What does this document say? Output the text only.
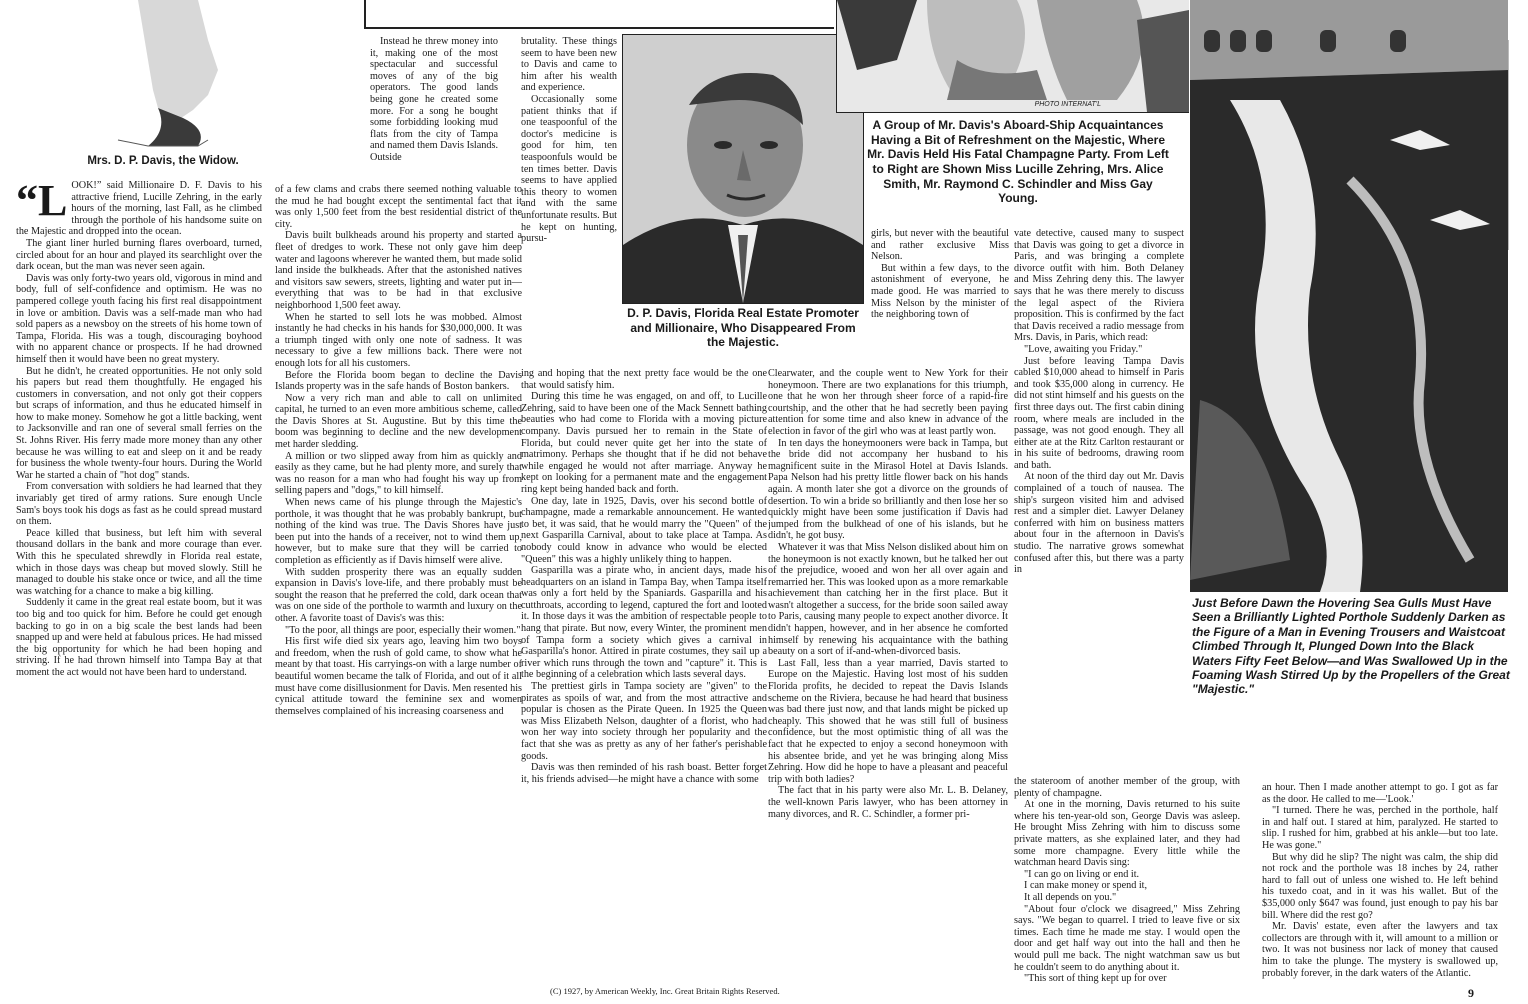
Mrs. D. P. Davis, the Widow.
“L OOK!” said Millionaire D. F. Davis to his attractive friend, Lucille Zehring, in the early hours of the morning, last Fall, as he climbed through the porthole of his handsome suite on the Majestic and dropped into the ocean.

The giant liner hurled burning flares overboard, turned, circled about for an hour and played its searchlight over the dark ocean, but the man was never seen again.

Davis was only forty-two years old, vigorous in mind and body, full of self-confidence and optimism. He was no pampered college youth facing his first real disappointment in love or ambition. Davis was a self-made man who had sold papers as a newsboy on the streets of his home town of Tampa, Florida. His was a tough, discouraging boyhood with no apparent chance or prospects. If he had drowned himself then it would have been no great mystery.

But he didn't, he created opportunities. He not only sold his papers but read them thoughtfully. He engaged his customers in conversation, and not only got their coppers but scraps of information, and thus he educated himself in how to make money. Somehow he got a little backing, went to Jacksonville and ran one of several small ferries on the St. Johns River. His ferry made more money than any other because he was willing to eat and sleep on it and be ready for business the whole twenty-four hours. During the World War he started a chain of "hot dog" stands.

From conversation with soldiers he had learned that they invariably get tired of army rations. Sure enough Uncle Sam's boys took his dogs as fast as he could spread mustard on them.

Peace killed that business, but left him with several thousand dollars in the bank and more courage than ever. With this he speculated shrewdly in Florida real estate, which in those days was cheap but moved slowly. Still he managed to double his stake once or twice, and all the time was watching for a chance to make a big killing.

Suddenly it came in the great real estate boom, but it was too big and too quick for him. Before he could get enough backing to go in on a big scale the best lands had been snapped up and were held at fabulous prices. He had missed the big opportunity for which he had been hoping and striving. If he had thrown himself into Tampa Bay at that moment the act would not have been hard to understand.

Instead he threw money into it, making one of the most spectacular and successful moves of any of the big operators. The good lands being gone he created some more. For a song he bought some forbidding looking mud flats from the city of Tampa and named them Davis Islands. Outside

of a few clams and crabs there seemed nothing valuable to the mud he had bought except the sentimental fact that it was only 1,500 feet from the best residential district of the city.

Davis built bulkheads around his property and started a fleet of dredges to work. These not only gave him deep water and lagoons wherever he wanted them, but made solid land inside the bulkheads. After that the astonished natives and visitors saw sewers, streets, lighting and water put in—everything that was to be had in that exclusive neighborhood 1,500 feet away.

When he started to sell lots he was mobbed. Almost instantly he had checks in his hands for $30,000,000. It was a triumph tinged with only one note of sadness. It was necessary to give a few millions back. There were not enough lots for all his customers.

Before the Florida boom began to decline the Davis Islands property was in the safe hands of Boston bankers.

Now a very rich man and able to call on unlimited capital, he turned to an even more ambitious scheme, called the Davis Shores at St. Augustine. But by this time the boom was beginning to decline and the new development met harder sledding.

A million or two slipped away from him as quickly and easily as they came, but he had plenty more, and surely that was no reason for a man who had fought his way up from selling papers and "dogs," to kill himself.

When news came of his plunge through the Majestic's porthole, it was thought that he was probably bankrupt, but nothing of the kind was true. The Davis Shores have just been put into the hands of a receiver, not to wind them up, however, but to make sure that they will be carried to completion as efficiently as if Davis himself were alive.

With sudden prosperity there was an equally sudden expansion in Davis's love-life, and there probably must be sought the reason that he preferred the cold, dark ocean that was on one side of the porthole to warmth and luxury on the other. A favorite toast of Davis's was this:

"To the poor, all things are poor, especially their women."

His first wife died six years ago, leaving him two boys and freedom, when the rush of gold came, to show what he meant by that toast. His carryings-on with a large number of beautiful women became the talk of Florida, and out of it all must have come disillusionment for Davis. Men resented his cynical attitude toward the feminine sex and women themselves complained of his increasing coarseness and

brutality. These things seem to have been new to Davis and came to him after his wealth and experience.

Occasionally some patient thinks that if one teaspoonful of the doctor's medicine is good for him, ten teaspoonfuls would be ten times better. Davis seems to have applied this theory to women and with the same unfortunate results. But he kept on hunting, pursu-

D. P. Davis, Florida Real Estate Promoter and Millionaire, Who Disappeared From the Majestic.

ing and hoping that the next pretty face would be the one that would satisfy him.

During this time he was engaged, on and off, to Lucille Zehring, said to have been one of the Mack Sennett bathing beauties who had come to Florida with a moving picture company. Davis pursued her to remain in the State of Florida, but could never quite get her into the state of matrimony. Perhaps she thought that if he did not behave while engaged he would not after marriage. Anyway he kept on looking for a permanent mate and the engagement ring kept being handed back and forth.

One day, late in 1925, Davis, over his second bottle of champagne, made a remarkable announcement. He wanted to bet, it was said, that he would marry the "Queen" of the next Gasparilla Carnival, about to take place at Tampa. As nobody could know in advance who would be elected "Queen" this was a highly unlikely thing to happen.

Gasparilla was a pirate who, in ancient days, made his headquarters on an island in Tampa Bay, when Tampa itself was only a fort held by the Spaniards. Gasparilla and his cutthroats, according to legend, captured the fort and looted it. In those days it was the ambition of respectable people to hang that pirate. But now, every Winter, the prominent men of Tampa form a society which gives a carnival in Gasparilla's honor. Attired in pirate costumes, they sail up a river which runs through the town and "capture" it. This is the beginning of a celebration which lasts several days.

The prettiest girls in Tampa society are "given" to the pirates as spoils of war, and from the most attractive and popular is chosen as the Pirate Queen. In 1925 the Queen was Miss Elizabeth Nelson, daughter of a florist, who had won her way into society through her popularity and the fact that she was as pretty as any of her father's perishable goods.

Davis was then reminded of his rash boast. Better forget it, his friends advised—he might have a chance with some

PHOTO INTERNAT'L
A Group of Mr. Davis's Aboard-Ship Acquaintances Having a Bit of Refreshment on the Majestic, Where Mr. Davis Held His Fatal Champagne Party. From Left to Right are Shown Miss Lucille Zehring, Mrs. Alice Smith, Mr. Raymond C. Schindler and Miss Gay Young.

girls, but never with the beautiful and rather exclusive Miss Nelson.

But within a few days, to the astonishment of everyone, he made good. He was married to Miss Nelson by the minister of the neighboring town of

Clearwater, and the couple went to New York for their honeymoon. There are two explanations for this triumph, one that he won her through sheer force of a rapid-fire courtship, and the other that he had secretly been paying attention for some time and also knew in advance of the election in favor of the girl who was at least partly won.

In ten days the honeymooners were back in Tampa, but the bride did not accompany her husband to his magnificent suite in the Mirasol Hotel at Davis Islands. Papa Nelson had his pretty little flower back on his hands again. A month later she got a divorce on the grounds of desertion. To win a bride so brilliantly and then lose her so quickly might have been some justification if Davis had jumped from the bulkhead of one of his islands, but he didn't, he got busy.

Whatever it was that Miss Nelson disliked about him on the honeymoon is not exactly known, but he talked her out of the prejudice, wooed and won her all over again and remarried her. This was looked upon as a more remarkable achievement than catching her in the first place. But it wasn't altogether a success, for the bride soon sailed away to Paris, causing many people to expect another divorce. It didn't happen, however, and in her absence he comforted himself by renewing his acquaintance with the bathing beauty on a sort of if-and-when-divorced basis.

Last Fall, less than a year married, Davis started to Europe on the Majestic. Having lost most of his sudden Florida profits, he decided to repeat the Davis Islands scheme on the Riviera, because he had heard that business was bad there just now, and that lands might be picked up cheaply. This showed that he was still full of business confidence, but the most optimistic thing of all was the fact that he expected to enjoy a second honeymoon with his absentee bride, and yet he was bringing along Miss Zehring. How did he hope to have a pleasant and peaceful trip with both ladies?

The fact that in his party were also Mr. L. B. Delaney, the well-known Paris lawyer, who has been attorney in many divorces, and R. C. Schindler, a former pri-

vate detective, caused many to suspect that Davis was going to get a divorce in Paris, and was bringing a complete divorce outfit with him. Both Delaney and Miss Zehring deny this. The lawyer says that he was there merely to discuss the legal aspect of the Riviera proposition. This is confirmed by the fact that Davis received a radio message from Mrs. Davis, in Paris, which read:

"Love, awaiting you Friday."

Just before leaving Tampa Davis cabled $10,000 ahead to himself in Paris and took $35,000 along in currency. He did not stint himself and his guests on the first three days out. The first cabin dining room, where meals are included in the passage, was not good enough. They all either ate at the Ritz Carlton restaurant or in his suite of bedrooms, drawing room and bath.

At noon of the third day out Mr. Davis complained of a touch of nausea. The ship's surgeon visited him and advised rest and a simpler diet. Lawyer Delaney conferred with him on business matters about four in the afternoon in Davis's studio. The narrative grows somewhat confused after this, but there was a party in

Just Before Dawn the Hovering Sea Gulls Must Have Seen a Brilliantly Lighted Porthole Suddenly Darken as the Figure of a Man in Evening Trousers and Waistcoat Climbed Through It, Plunged Down Into the Black Waters Fifty Feet Below—and Was Swallowed Up in the Foaming Wash Stirred Up by the Propellers of the Great "Majestic."

the stateroom of another member of the group, with plenty of champagne.

At one in the morning, Davis returned to his suite where his ten-year-old son, George Davis was asleep. He brought Miss Zehring with him to discuss some private matters, as she explained later, and they had some more champagne. Every little while the watchman heard Davis sing:

"I can go on living or end it.

I can make money or spend it,

It all depends on you."

"About four o'clock we disagreed," Miss Zehring says. "We began to quarrel. I tried to leave five or six times. Each time he made me stay. I would open the door and get half way out into the hall and then he would pull me back. The night watchman saw us but he couldn't seem to do anything about it.

"This sort of thing kept up for over

an hour. Then I made another attempt to go. I got as far as the door. He called to me—'Look.'

"I turned. There he was, perched in the porthole, half in and half out. I stared at him, paralyzed. He started to slip. I rushed for him, grabbed at his ankle—but too late. He was gone."

But why did he slip? The night was calm, the ship did not rock and the porthole was 18 inches by 24, rather hard to fall out of unless one wished to. He left behind his tuxedo coat, and in it was his wallet. But of the $35,000 only $647 was found, just enough to pay his bar bill. Where did the rest go?

Mr. Davis' estate, even after the lawyers and tax collectors are through with it, will amount to a million or two. It was not business nor lack of money that caused him to take the plunge. The mystery is swallowed up, probably forever, in the dark waters of the Atlantic.

(C) 1927, by American Weekly, Inc. Great Britain Rights Reserved.	9
